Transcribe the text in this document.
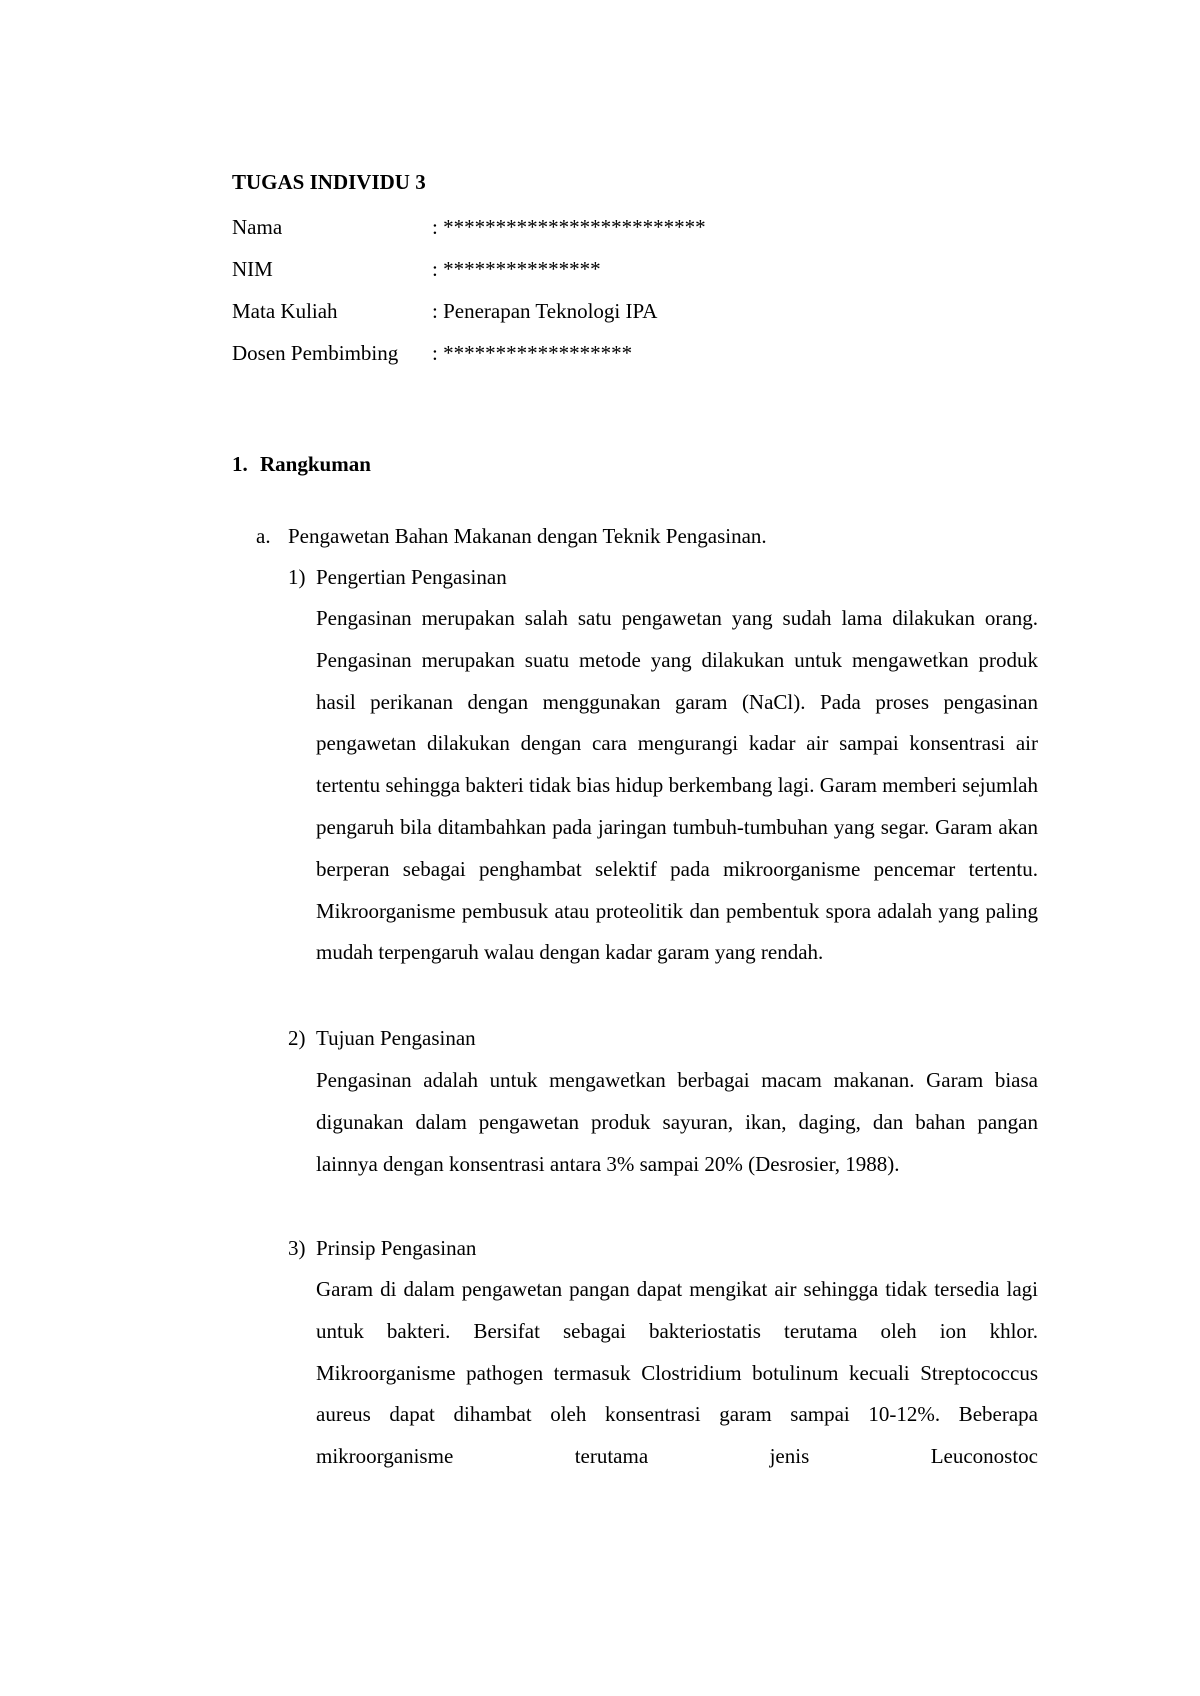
TUGAS INDIVIDU 3
Nama	: *************************
NIM	: ***************
Mata Kuliah	: Penerapan Teknologi IPA
Dosen Pembimbing : ******************
1. Rangkuman
a. Pengawetan Bahan Makanan dengan Teknik Pengasinan.
1) Pengertian Pengasinan

Pengasinan merupakan salah satu pengawetan yang sudah lama dilakukan orang. Pengasinan merupakan suatu metode yang dilakukan untuk mengawetkan produk hasil perikanan dengan menggunakan garam (NaCl). Pada proses pengasinan pengawetan dilakukan dengan cara mengurangi kadar air sampai konsentrasi air tertentu sehingga bakteri tidak bias hidup berkembang lagi. Garam memberi sejumlah pengaruh bila ditambahkan pada jaringan tumbuh-tumbuhan yang segar. Garam akan berperan sebagai penghambat selektif pada mikroorganisme pencemar tertentu. Mikroorganisme pembusuk atau proteolitik dan pembentuk spora adalah yang paling mudah terpengaruh walau dengan kadar garam yang rendah.

2) Tujuan Pengasinan

Pengasinan adalah untuk mengawetkan berbagai macam makanan. Garam biasa digunakan dalam pengawetan produk sayuran, ikan, daging, dan bahan pangan lainnya dengan konsentrasi antara 3% sampai 20% (Desrosier, 1988).

3) Prinsip Pengasinan

Garam di dalam pengawetan pangan dapat mengikat air sehingga tidak tersedia lagi untuk bakteri. Bersifat sebagai bakteriostatis terutama oleh ion khlor. Mikroorganisme pathogen termasuk Clostridium botulinum kecuali Streptococcus aureus dapat dihambat oleh konsentrasi garam sampai 10-12%. Beberapa mikroorganisme terutama jenis Leuconostoc
